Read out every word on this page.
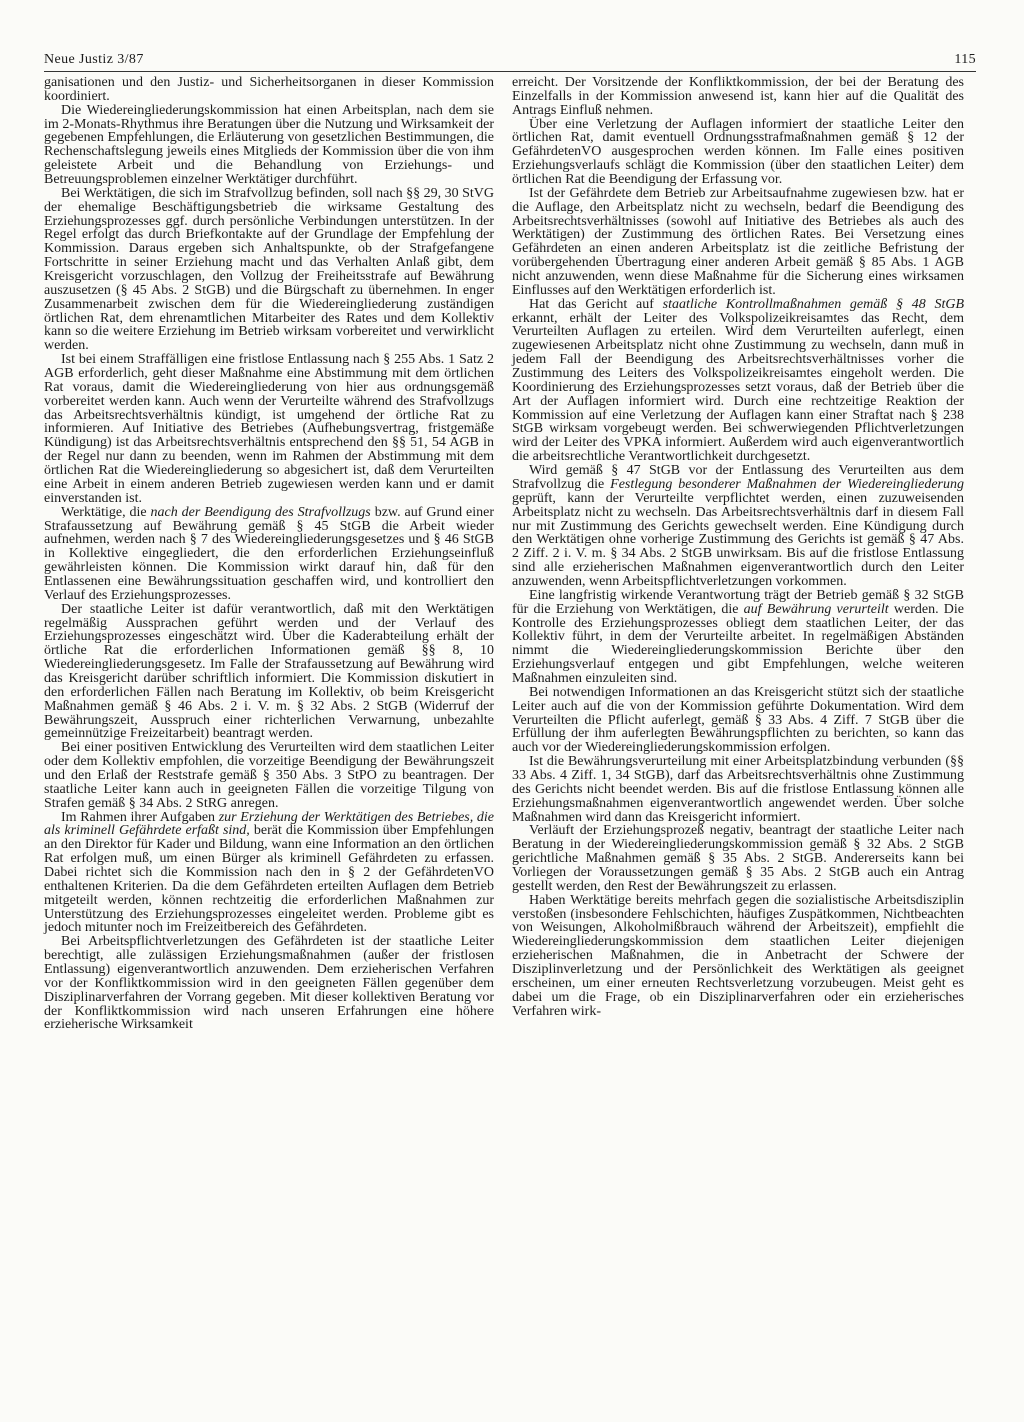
Neue Justiz 3/87	115

ganisationen und den Justiz- und Sicherheitsorganen in dieser Kommission koordiniert.

Die Wiedereingliederungskommission hat einen Arbeitsplan, nach dem sie im 2-Monats-Rhythmus ihre Beratungen über die Nutzung und Wirksamkeit der gegebenen Empfehlungen, die Erläuterung von gesetzlichen Bestimmungen, die Rechenschaftslegung jeweils eines Mitglieds der Kommission über die von ihm geleistete Arbeit und die Behandlung von Erziehungs- und Betreuungsproblemen einzelner Werktätiger durchführt.

Bei Werktätigen, die sich im Strafvollzug befinden, soll nach §§ 29, 30 StVG der ehemalige Beschäftigungsbetrieb die wirksame Gestaltung des Erziehungsprozesses ggf. durch persönliche Verbindungen unterstützen. In der Regel erfolgt das durch Briefkontakte auf der Grundlage der Empfehlung der Kommission. Daraus ergeben sich Anhaltspunkte, ob der Strafgefangene Fortschritte in seiner Erziehung macht und das Verhalten Anlaß gibt, dem Kreisgericht vorzuschlagen, den Vollzug der Freiheitsstrafe auf Bewährung auszusetzen (§ 45 Abs. 2 StGB) und die Bürgschaft zu übernehmen. In enger Zusammenarbeit zwischen dem für die Wiedereingliederung zuständigen örtlichen Rat, dem ehrenamtlichen Mitarbeiter des Rates und dem Kollektiv kann so die weitere Erziehung im Betrieb wirksam vorbereitet und verwirklicht werden.

Ist bei einem Straffälligen eine fristlose Entlassung nach § 255 Abs. 1 Satz 2 AGB erforderlich, geht dieser Maßnahme eine Abstimmung mit dem örtlichen Rat voraus, damit die Wiedereingliederung von hier aus ordnungsgemäß vorbereitet werden kann. Auch wenn der Verurteilte während des Strafvollzugs das Arbeitsrechtsverhältnis kündigt, ist umgehend der örtliche Rat zu informieren. Auf Initiative des Betriebes (Aufhebungsvertrag, fristgemäße Kündigung) ist das Arbeitsrechtsverhältnis entsprechend den §§ 51, 54 AGB in der Regel nur dann zu beenden, wenn im Rahmen der Abstimmung mit dem örtlichen Rat die Wiedereingliederung so abgesichert ist, daß dem Verurteilten eine Arbeit in einem anderen Betrieb zugewiesen werden kann und er damit einverstanden ist.

Werktätige, die nach der Beendigung des Strafvollzugs bzw. auf Grund einer Strafaussetzung auf Bewährung gemäß § 45 StGB die Arbeit wieder aufnehmen, werden nach § 7 des Wiedereingliederungsgesetzes und § 46 StGB in Kollektive eingegliedert, die den erforderlichen Erziehungseinfluß gewährleisten können. Die Kommission wirkt darauf hin, daß für den Entlassenen eine Bewährungssituation geschaffen wird, und kontrolliert den Verlauf des Erziehungsprozesses.

Der staatliche Leiter ist dafür verantwortlich, daß mit den Werktätigen regelmäßig Aussprachen geführt werden und der Verlauf des Erziehungsprozesses eingeschätzt wird. Über die Kaderabteilung erhält der örtliche Rat die erforderlichen Informationen gemäß §§ 8, 10 Wiedereingliederungsgesetz. Im Falle der Strafaussetzung auf Bewährung wird das Kreisgericht darüber schriftlich informiert. Die Kommission diskutiert in den erforderlichen Fällen nach Beratung im Kollektiv, ob beim Kreisgericht Maßnahmen gemäß § 46 Abs. 2 i. V. m. § 32 Abs. 2 StGB (Widerruf der Bewährungszeit, Ausspruch einer richterlichen Verwarnung, unbezahlte gemeinnützige Freizeitarbeit) beantragt werden.

Bei einer positiven Entwicklung des Verurteilten wird dem staatlichen Leiter oder dem Kollektiv empfohlen, die vorzeitige Beendigung der Bewährungszeit und den Erlaß der Reststrafe gemäß § 350 Abs. 3 StPO zu beantragen. Der staatliche Leiter kann auch in geeigneten Fällen die vorzeitige Tilgung von Strafen gemäß § 34 Abs. 2 StRG anregen.

Im Rahmen ihrer Aufgaben zur Erziehung der Werktätigen des Betriebes, die als kriminell Gefährdete erfaßt sind, berät die Kommission über Empfehlungen an den Direktor für Kader und Bildung, wann eine Information an den örtlichen Rat erfolgen muß, um einen Bürger als kriminell Gefährdeten zu erfassen. Dabei richtet sich die Kommission nach den in § 2 der GefährdetenVO enthaltenen Kriterien. Da die dem Gefährdeten erteilten Auflagen dem Betrieb mitgeteilt werden, können rechtzeitig die erforderlichen Maßnahmen zur Unterstützung des Erziehungsprozesses eingeleitet werden. Probleme gibt es jedoch mitunter noch im Freizeitbereich des Gefährdeten.

Bei Arbeitspflichtverletzungen des Gefährdeten ist der staatliche Leiter berechtigt, alle zulässigen Erziehungsmaßnahmen (außer der fristlosen Entlassung) eigenverantwortlich anzuwenden. Dem erzieherischen Verfahren vor der Konfliktkommission wird in den geeigneten Fällen gegenüber dem Disziplinarverfahren der Vorrang gegeben. Mit dieser kollektiven Beratung vor der Konfliktkommission wird nach unseren Erfahrungen eine höhere erzieherische Wirksamkeit

erreicht. Der Vorsitzende der Konfliktkommission, der bei der Beratung des Einzelfalls in der Kommission anwesend ist, kann hier auf die Qualität des Antrags Einfluß nehmen.

Über eine Verletzung der Auflagen informiert der staatliche Leiter den örtlichen Rat, damit eventuell Ordnungsstrafmaßnahmen gemäß § 12 der GefährdetenVO ausgesprochen werden können. Im Falle eines positiven Erziehungsverlaufs schlägt die Kommission (über den staatlichen Leiter) dem örtlichen Rat die Beendigung der Erfassung vor.

Ist der Gefährdete dem Betrieb zur Arbeitsaufnahme zugewiesen bzw. hat er die Auflage, den Arbeitsplatz nicht zu wechseln, bedarf die Beendigung des Arbeitsrechtsverhältnisses (sowohl auf Initiative des Betriebes als auch des Werktätigen) der Zustimmung des örtlichen Rates. Bei Versetzung eines Gefährdeten an einen anderen Arbeitsplatz ist die zeitliche Befristung der vorübergehenden Übertragung einer anderen Arbeit gemäß § 85 Abs. 1 AGB nicht anzuwenden, wenn diese Maßnahme für die Sicherung eines wirksamen Einflusses auf den Werktätigen erforderlich ist.

Hat das Gericht auf staatliche Kontrollmaßnahmen gemäß § 48 StGB erkannt, erhält der Leiter des Volkspolizeikreisamtes das Recht, dem Verurteilten Auflagen zu erteilen. Wird dem Verurteilten auferlegt, einen zugewiesenen Arbeitsplatz nicht ohne Zustimmung zu wechseln, dann muß in jedem Fall der Beendigung des Arbeitsrechtsverhältnisses vorher die Zustimmung des Leiters des Volkspolizeikreisamtes eingeholt werden. Die Koordinierung des Erziehungsprozesses setzt voraus, daß der Betrieb über die Art der Auflagen informiert wird. Durch eine rechtzeitige Reaktion der Kommission auf eine Verletzung der Auflagen kann einer Straftat nach § 238 StGB wirksam vorgebeugt werden. Bei schwerwiegenden Pflichtverletzungen wird der Leiter des VPKA informiert. Außerdem wird auch eigenverantwortlich die arbeitsrechtliche Verantwortlichkeit durchgesetzt.

Wird gemäß § 47 StGB vor der Entlassung des Verurteilten aus dem Strafvollzug die Festlegung besonderer Maßnahmen der Wiedereingliederung geprüft, kann der Verurteilte verpflichtet werden, einen zuzuweisenden Arbeitsplatz nicht zu wechseln. Das Arbeitsrechtsverhältnis darf in diesem Fall nur mit Zustimmung des Gerichts gewechselt werden. Eine Kündigung durch den Werktätigen ohne vorherige Zustimmung des Gerichts ist gemäß § 47 Abs. 2 Ziff. 2 i. V. m. § 34 Abs. 2 StGB unwirksam. Bis auf die fristlose Entlassung sind alle erzieherischen Maßnahmen eigenverantwortlich durch den Leiter anzuwenden, wenn Arbeitspflichtverletzungen vorkommen.

Eine langfristig wirkende Verantwortung trägt der Betrieb gemäß § 32 StGB für die Erziehung von Werktätigen, die auf Bewährung verurteilt werden. Die Kontrolle des Erziehungsprozesses obliegt dem staatlichen Leiter, der das Kollektiv führt, in dem der Verurteilte arbeitet. In regelmäßigen Abständen nimmt die Wiedereingliederungskommission Berichte über den Erziehungsverlauf entgegen und gibt Empfehlungen, welche weiteren Maßnahmen einzuleiten sind.

Bei notwendigen Informationen an das Kreisgericht stützt sich der staatliche Leiter auch auf die von der Kommission geführte Dokumentation. Wird dem Verurteilten die Pflicht auferlegt, gemäß § 33 Abs. 4 Ziff. 7 StGB über die Erfüllung der ihm auferlegten Bewährungspflichten zu berichten, so kann das auch vor der Wiedereingliederungskommission erfolgen.

Ist die Bewährungsverurteilung mit einer Arbeitsplatzbindung verbunden (§§ 33 Abs. 4 Ziff. 1, 34 StGB), darf das Arbeitsrechtsverhältnis ohne Zustimmung des Gerichts nicht beendet werden. Bis auf die fristlose Entlassung können alle Erziehungsmaßnahmen eigenverantwortlich angewendet werden. Über solche Maßnahmen wird dann das Kreisgericht informiert.

Verläuft der Erziehungsprozeß negativ, beantragt der staatliche Leiter nach Beratung in der Wiedereingliederungskommission gemäß § 32 Abs. 2 StGB gerichtliche Maßnahmen gemäß § 35 Abs. 2 StGB. Andererseits kann bei Vorliegen der Voraussetzungen gemäß § 35 Abs. 2 StGB auch ein Antrag gestellt werden, den Rest der Bewährungszeit zu erlassen.

Haben Werktätige bereits mehrfach gegen die sozialistische Arbeitsdisziplin verstoßen (insbesondere Fehlschichten, häufiges Zuspätkommen, Nichtbeachten von Weisungen, Alkoholmißbrauch während der Arbeitszeit), empfiehlt die Wiedereingliederungskommission dem staatlichen Leiter diejenigen erzieherischen Maßnahmen, die in Anbetracht der Schwere der Disziplinverletzung und der Persönlichkeit des Werktätigen als geeignet erscheinen, um einer erneuten Rechtsverletzung vorzubeugen. Meist geht es dabei um die Frage, ob ein Disziplinarverfahren oder ein erzieherisches Verfahren wirk-
